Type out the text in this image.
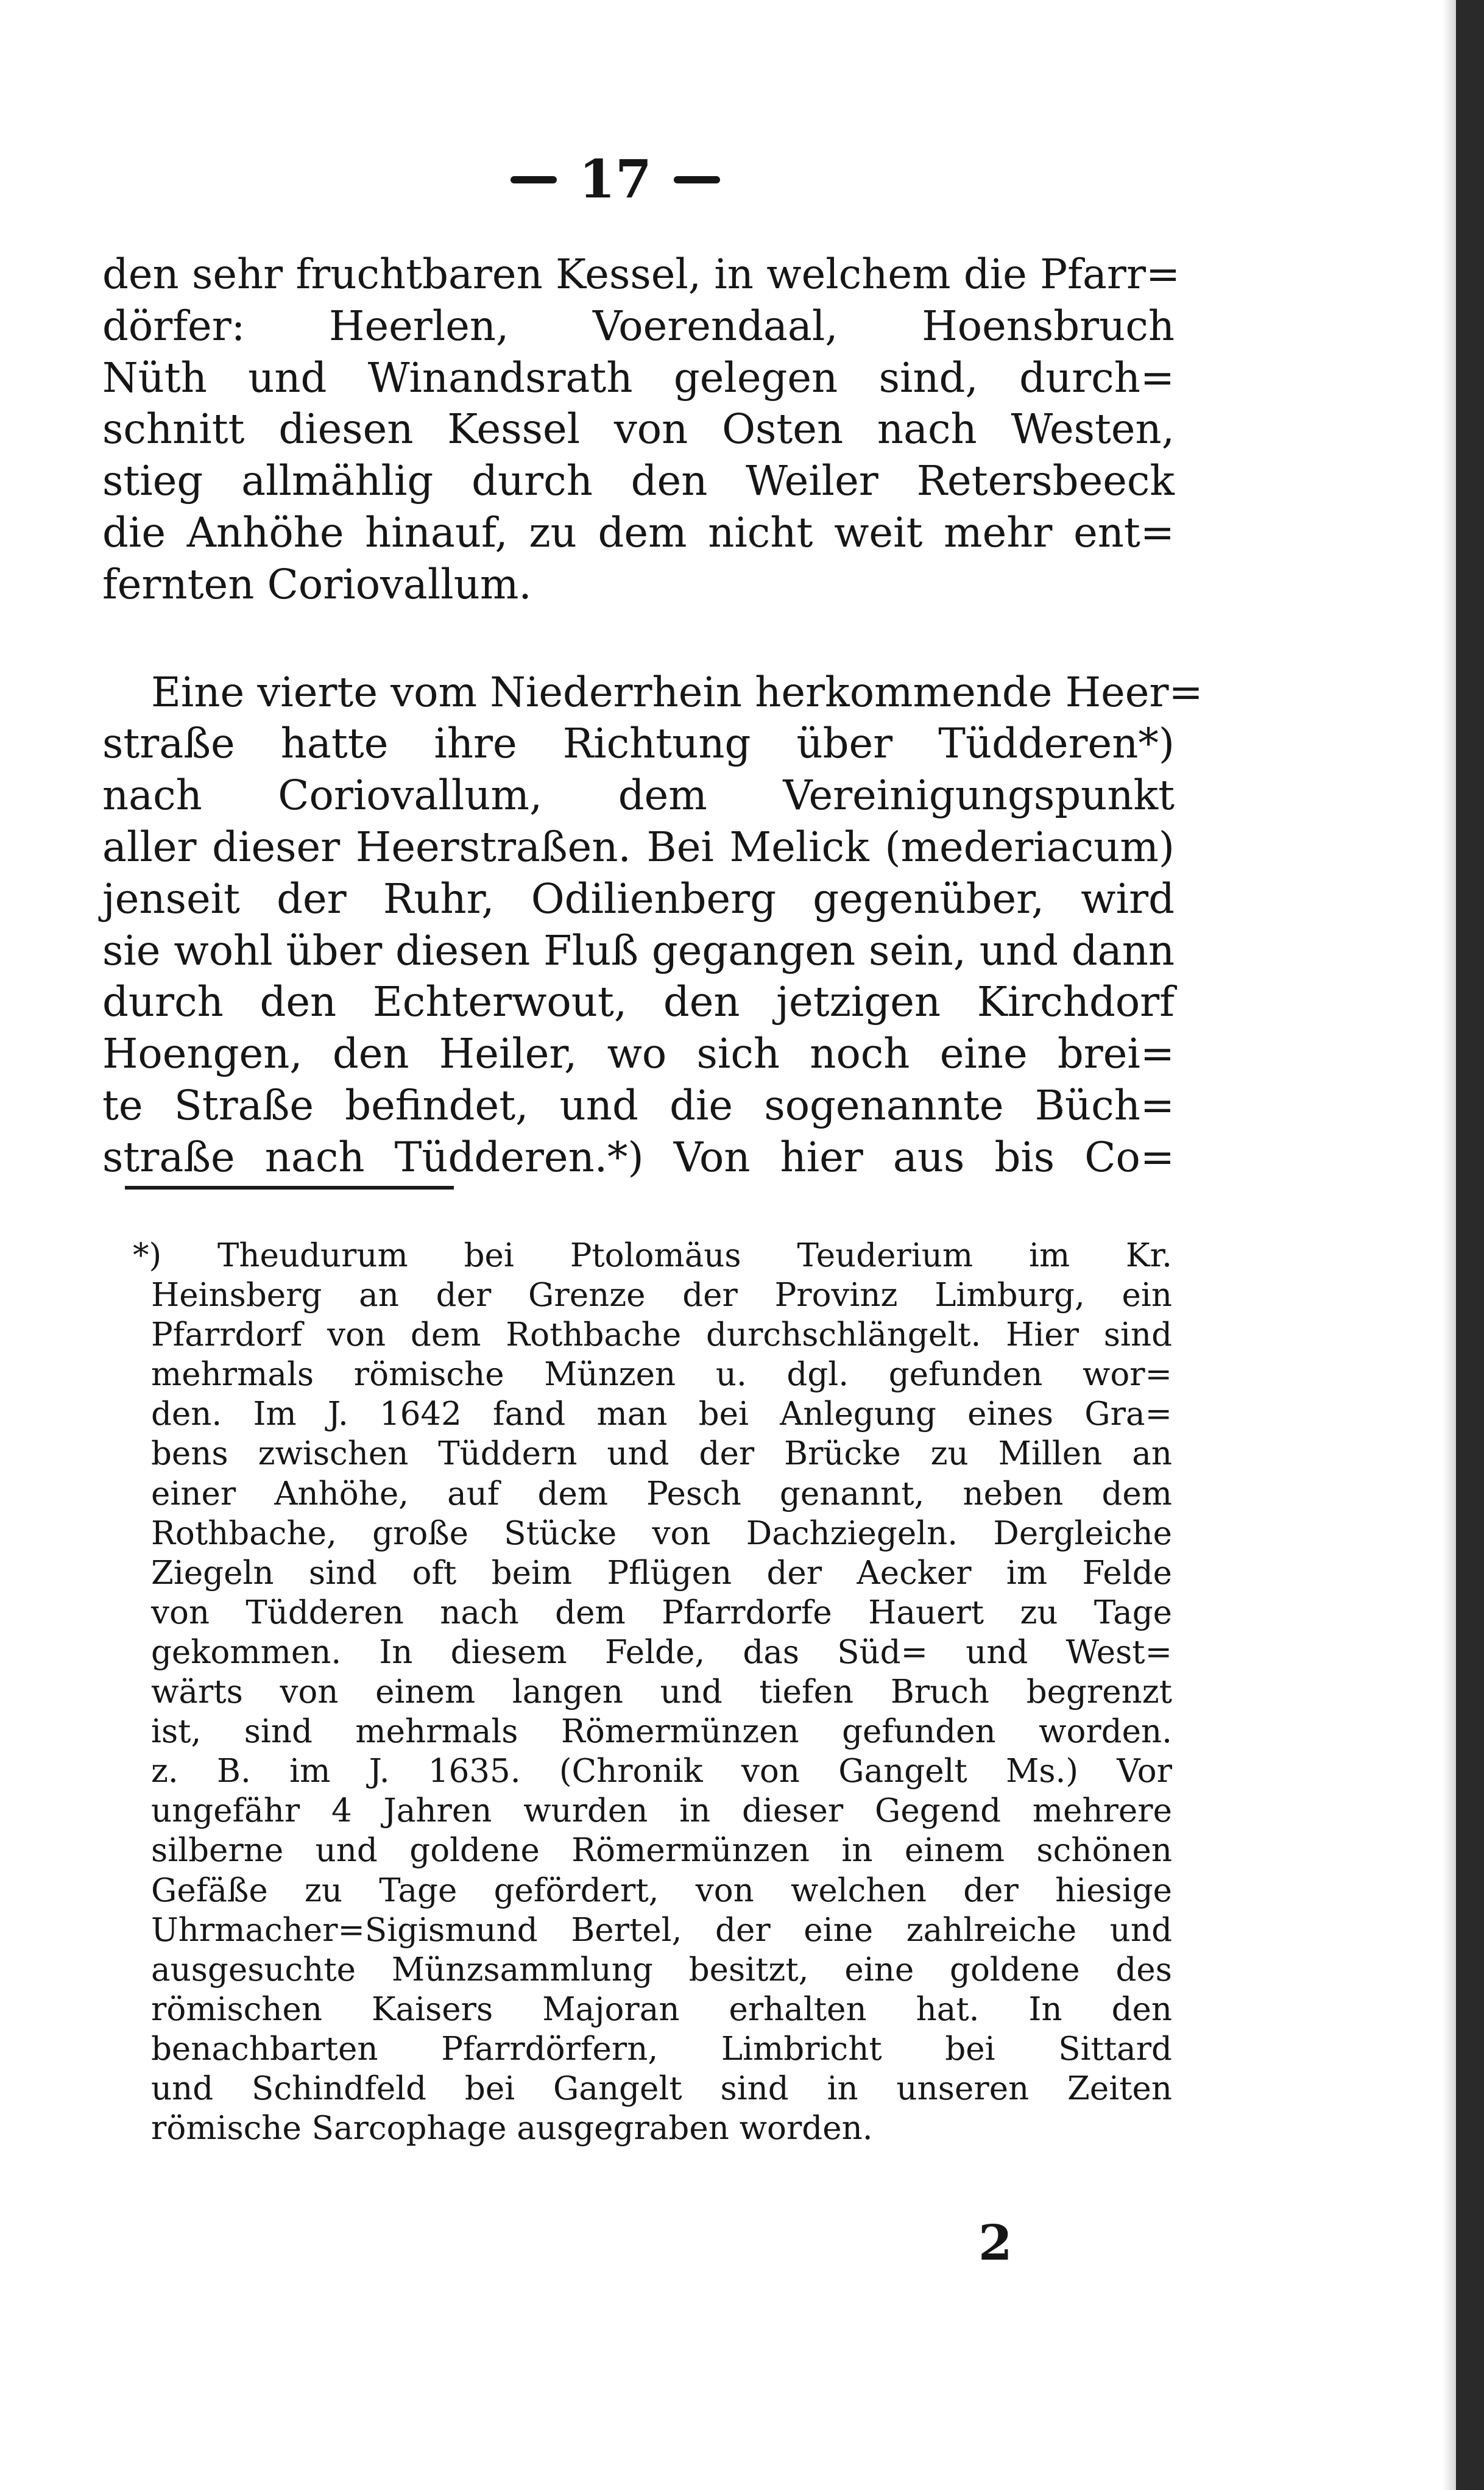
17
den sehr fruchtbaren Kessel, in welchem die Pfarr=
dörfer: Heerlen, Voerendaal, Hoensbruch
Nüth und Winandsrath gelegen sind, durch=
schnitt diesen Kessel von Osten nach Westen,
stieg allmählig durch den Weiler Retersbeeck
die Anhöhe hinauf, zu dem nicht weit mehr ent=
fernten Coriovallum.
Eine vierte vom Niederrhein herkommende Heer=
straße hatte ihre Richtung über Tüdderen*)
nach Coriovallum, dem Vereinigungspunkt
aller dieser Heerstraßen. Bei Melick (mederiacum)
jenseit der Ruhr, Odilienberg gegenüber, wird
sie wohl über diesen Fluß gegangen sein, und dann
durch den Echterwout, den jetzigen Kirchdorf
Hoengen, den Heiler, wo sich noch eine brei=
te Straße befindet, und die sogenannte Büch=
straße nach Tüdderen.*) Von hier aus bis Co=
*) Theudurum bei Ptolomäus Teuderium im Kr.
Heinsberg an der Grenze der Provinz Limburg, ein
Pfarrdorf von dem Rothbache durchschlängelt. Hier sind
mehrmals römische Münzen u. dgl. gefunden wor=
den. Im J. 1642 fand man bei Anlegung eines Gra=
bens zwischen Tüddern und der Brücke zu Millen an
einer Anhöhe, auf dem Pesch genannt, neben dem
Rothbache, große Stücke von Dachziegeln. Dergleiche
Ziegeln sind oft beim Pflügen der Aecker im Felde
von Tüdderen nach dem Pfarrdorfe Hauert zu Tage
gekommen. In diesem Felde, das Süd= und West=
wärts von einem langen und tiefen Bruch begrenzt
ist, sind mehrmals Römermünzen gefunden worden.
z. B. im J. 1635. (Chronik von Gangelt Ms.) Vor
ungefähr 4 Jahren wurden in dieser Gegend mehrere
silberne und goldene Römermünzen in einem schönen
Gefäße zu Tage gefördert, von welchen der hiesige
Uhrmacher=Sigismund Bertel, der eine zahlreiche und
ausgesuchte Münzsammlung besitzt, eine goldene des
römischen Kaisers Majoran erhalten hat. In den
benachbarten Pfarrdörfern, Limbricht bei Sittard
und Schindfeld bei Gangelt sind in unseren Zeiten
römische Sarcophage ausgegraben worden.
2
